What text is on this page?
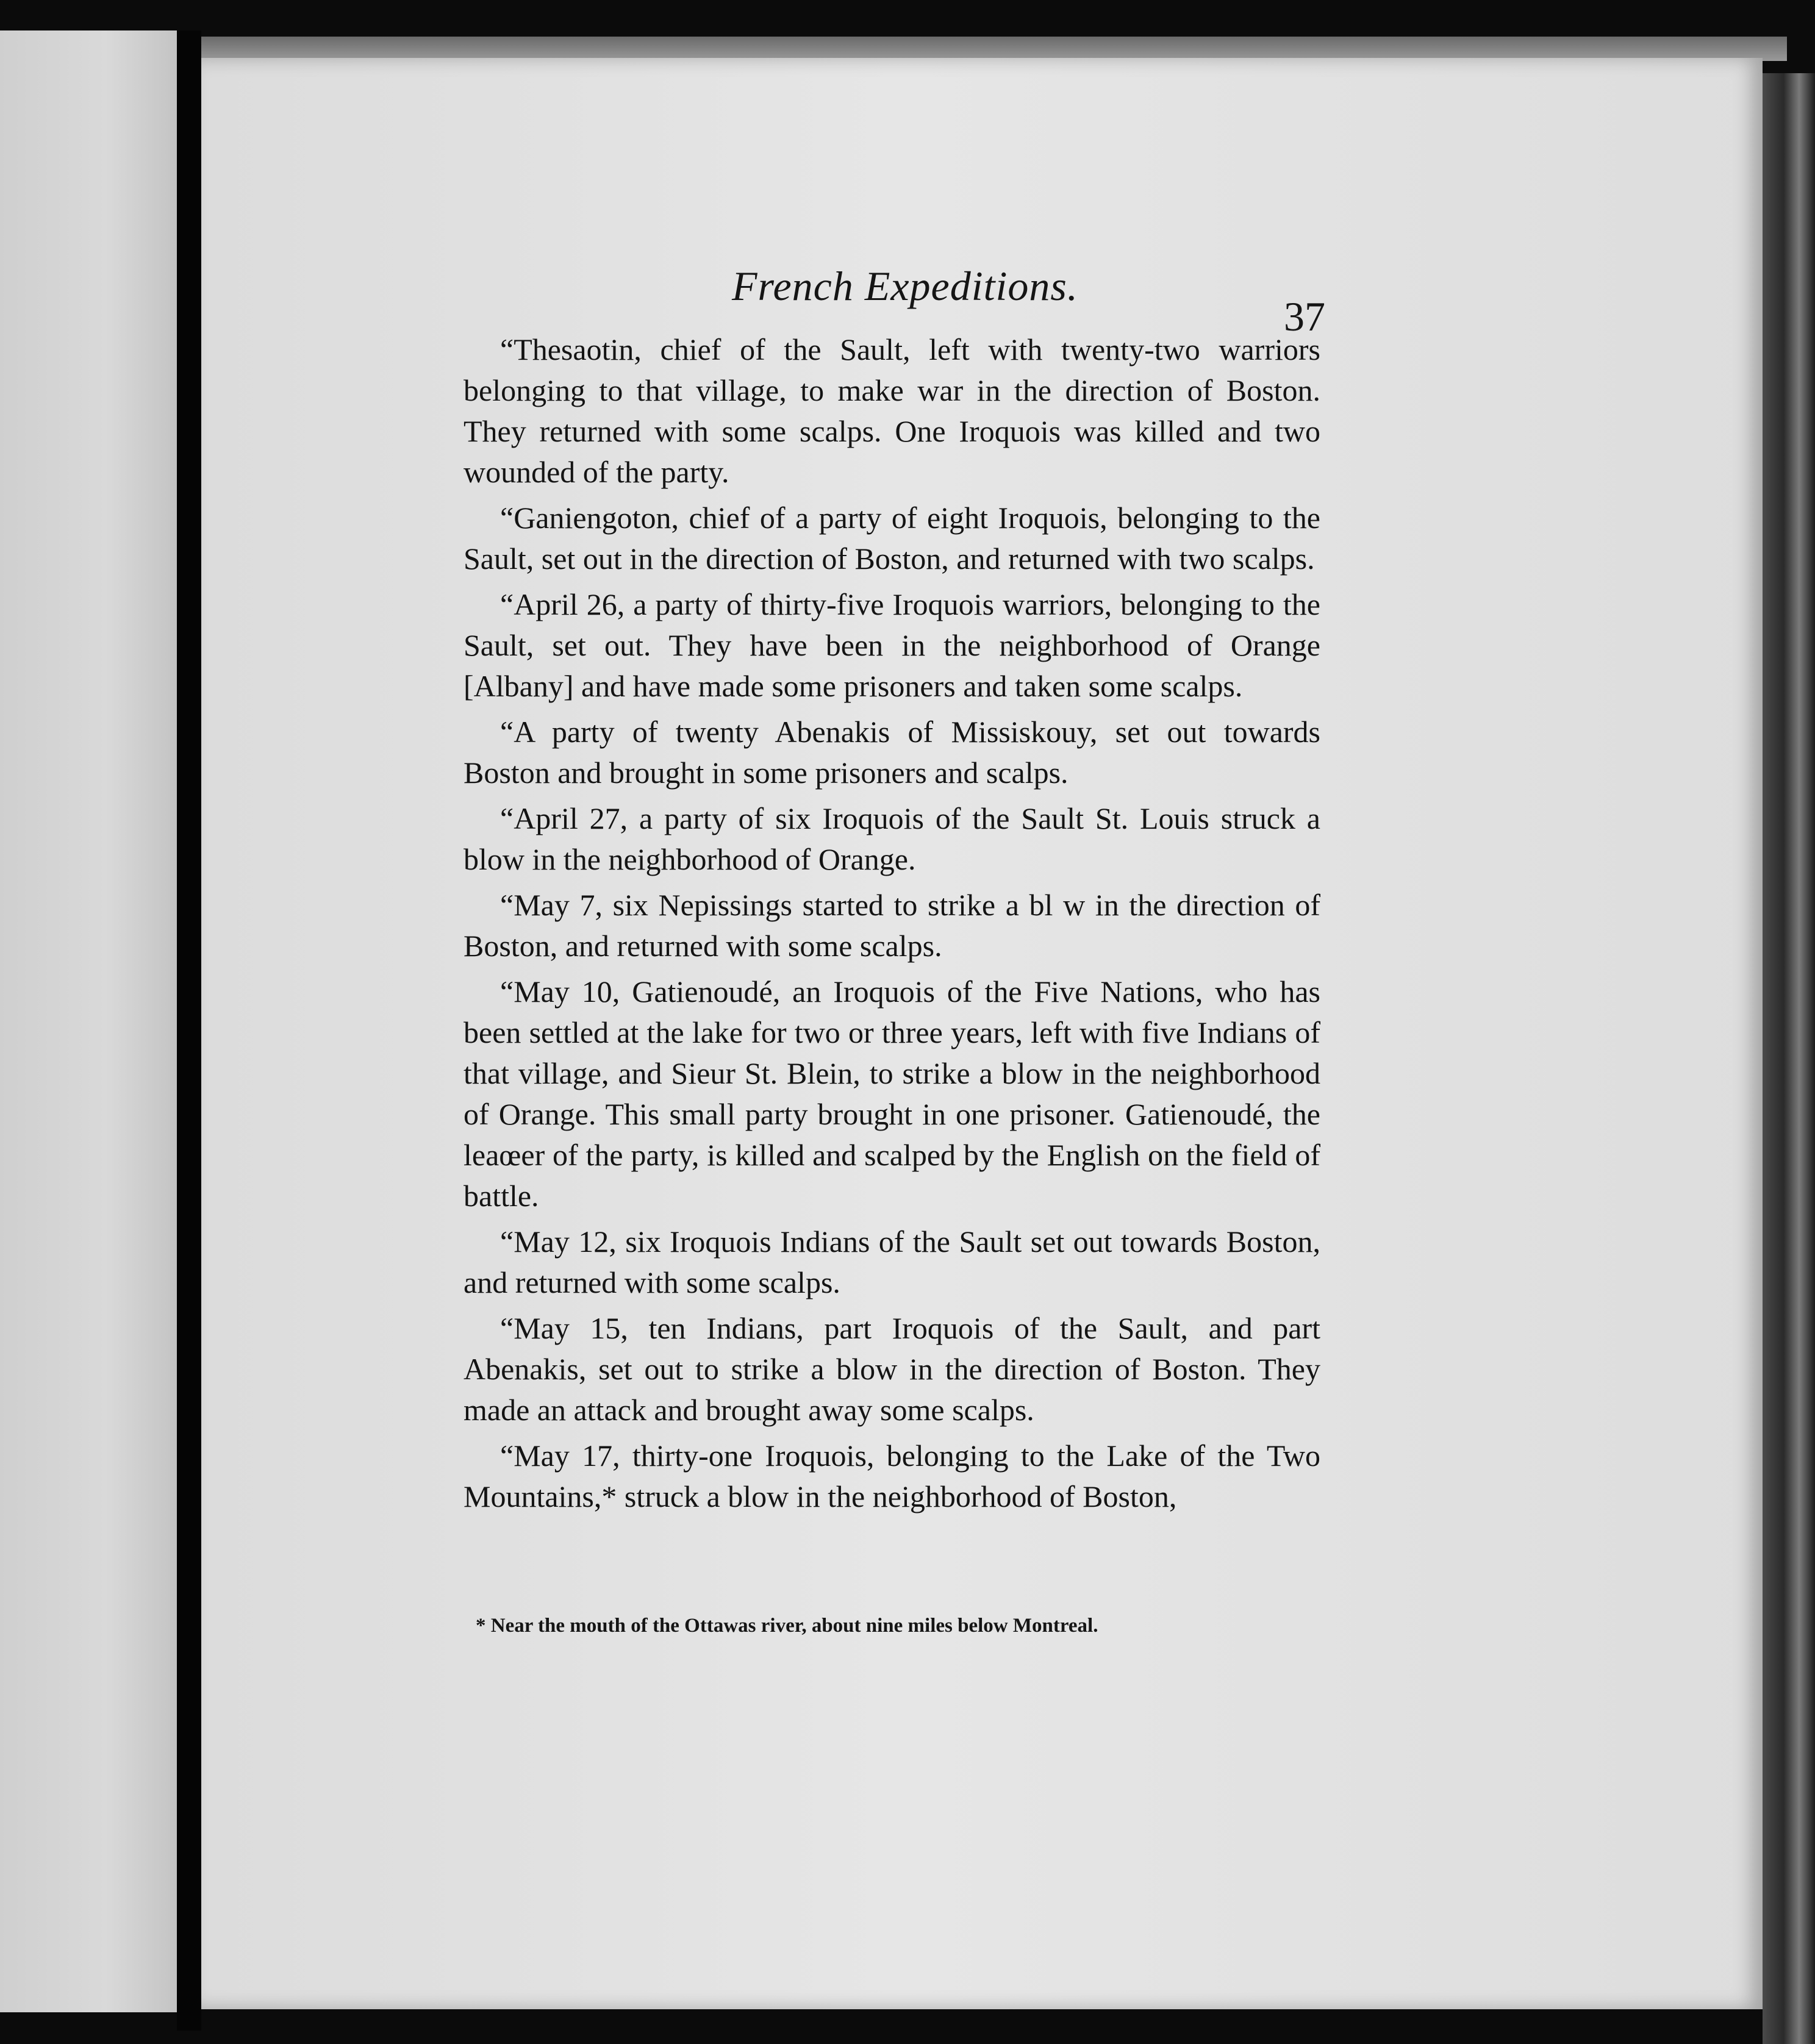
French Expeditions.
37

“Thesaotin, chief of the Sault, left with twenty-two warriors belonging to that village, to make war in the direction of Boston. They returned with some scalps. One Iroquois was killed and two wounded of the party.

“Ganiengoton, chief of a party of eight Iroquois, belonging to the Sault, set out in the direction of Boston, and returned with two scalps.

“April 26, a party of thirty-five Iroquois warriors, belonging to the Sault, set out. They have been in the neighborhood of Orange [Albany] and have made some prisoners and taken some scalps.

“A party of twenty Abenakis of Missiskouy, set out towards Boston and brought in some prisoners and scalps.

“April 27, a party of six Iroquois of the Sault St. Louis struck a blow in the neighborhood of Orange.

“May 7, six Nepissings started to strike a bl w in the direction of Boston, and returned with some scalps.

“May 10, Gatienoudé, an Iroquois of the Five Nations, who has been settled at the lake for two or three years, left with five Indians of that village, and Sieur St. Blein, to strike a blow in the neighborhood of Orange. This small party brought in one prisoner. Gatienoudé, the leaœer of the party, is killed and scalped by the English on the field of battle.

“May 12, six Iroquois Indians of the Sault set out towards Boston, and returned with some scalps.

“May 15, ten Indians, part Iroquois of the Sault, and part Abenakis, set out to strike a blow in the direction of Boston. They made an attack and brought away some scalps.

“May 17, thirty-one Iroquois, belonging to the Lake of the Two Mountains,* struck a blow in the neighborhood of Boston,

* Near the mouth of the Ottawas river, about nine miles below Montreal.
